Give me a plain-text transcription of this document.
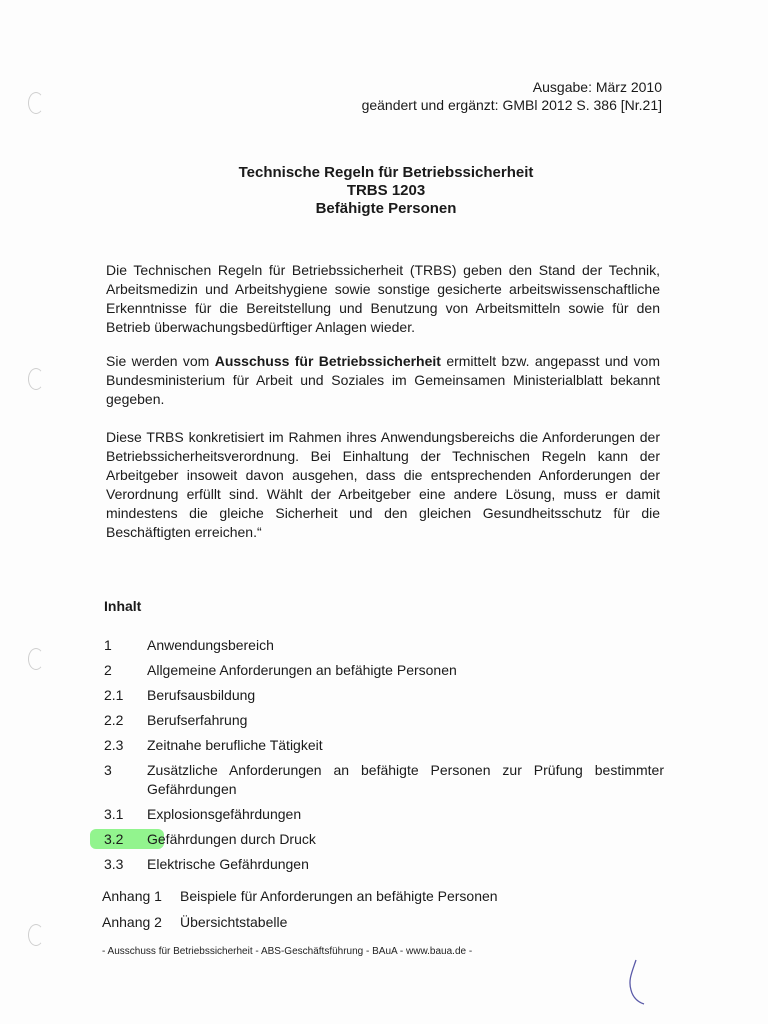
Ausgabe: März 2010
geändert und ergänzt: GMBl 2012 S. 386 [Nr.21]
Technische Regeln für Betriebssicherheit
TRBS 1203
Befähigte Personen

Die Technischen Regeln für Betriebssicherheit (TRBS) geben den Stand der Technik, Arbeitsmedizin und Arbeitshygiene sowie sonstige gesicherte arbeitswissenschaftliche Erkenntnisse für die Bereitstellung und Benutzung von Arbeitsmitteln sowie für den Betrieb überwachungsbedürftiger Anlagen wieder.

Sie werden vom Ausschuss für Betriebssicherheit ermittelt bzw. angepasst und vom Bundesministerium für Arbeit und Soziales im Gemeinsamen Ministerialblatt bekannt gegeben.

Diese TRBS konkretisiert im Rahmen ihres Anwendungsbereichs die Anforderungen der Betriebssicherheitsverordnung. Bei Einhaltung der Technischen Regeln kann der Arbeitgeber insoweit davon ausgehen, dass die entsprechenden Anforderungen der Verordnung erfüllt sind. Wählt der Arbeitgeber eine andere Lösung, muss er damit mindestens die gleiche Sicherheit und den gleichen Gesundheitsschutz für die Beschäftigten erreichen.“

Inhalt
1	Anwendungsbereich
2	Allgemeine Anforderungen an befähigte Personen
2.1	Berufsausbildung
2.2	Berufserfahrung
2.3	Zeitnahe berufliche Tätigkeit
3	Zusätzliche Anforderungen an befähigte Personen zur Prüfung bestimmter Gefährdungen
3.1	Explosionsgefährdungen
3.2	Gefährdungen durch Druck
3.3	Elektrische Gefährdungen
Anhang 1	Beispiele für Anforderungen an befähigte Personen
Anhang 2	Übersichtstabelle
- Ausschuss für Betriebssicherheit - ABS-Geschäftsführung - BAuA - www.baua.de -
